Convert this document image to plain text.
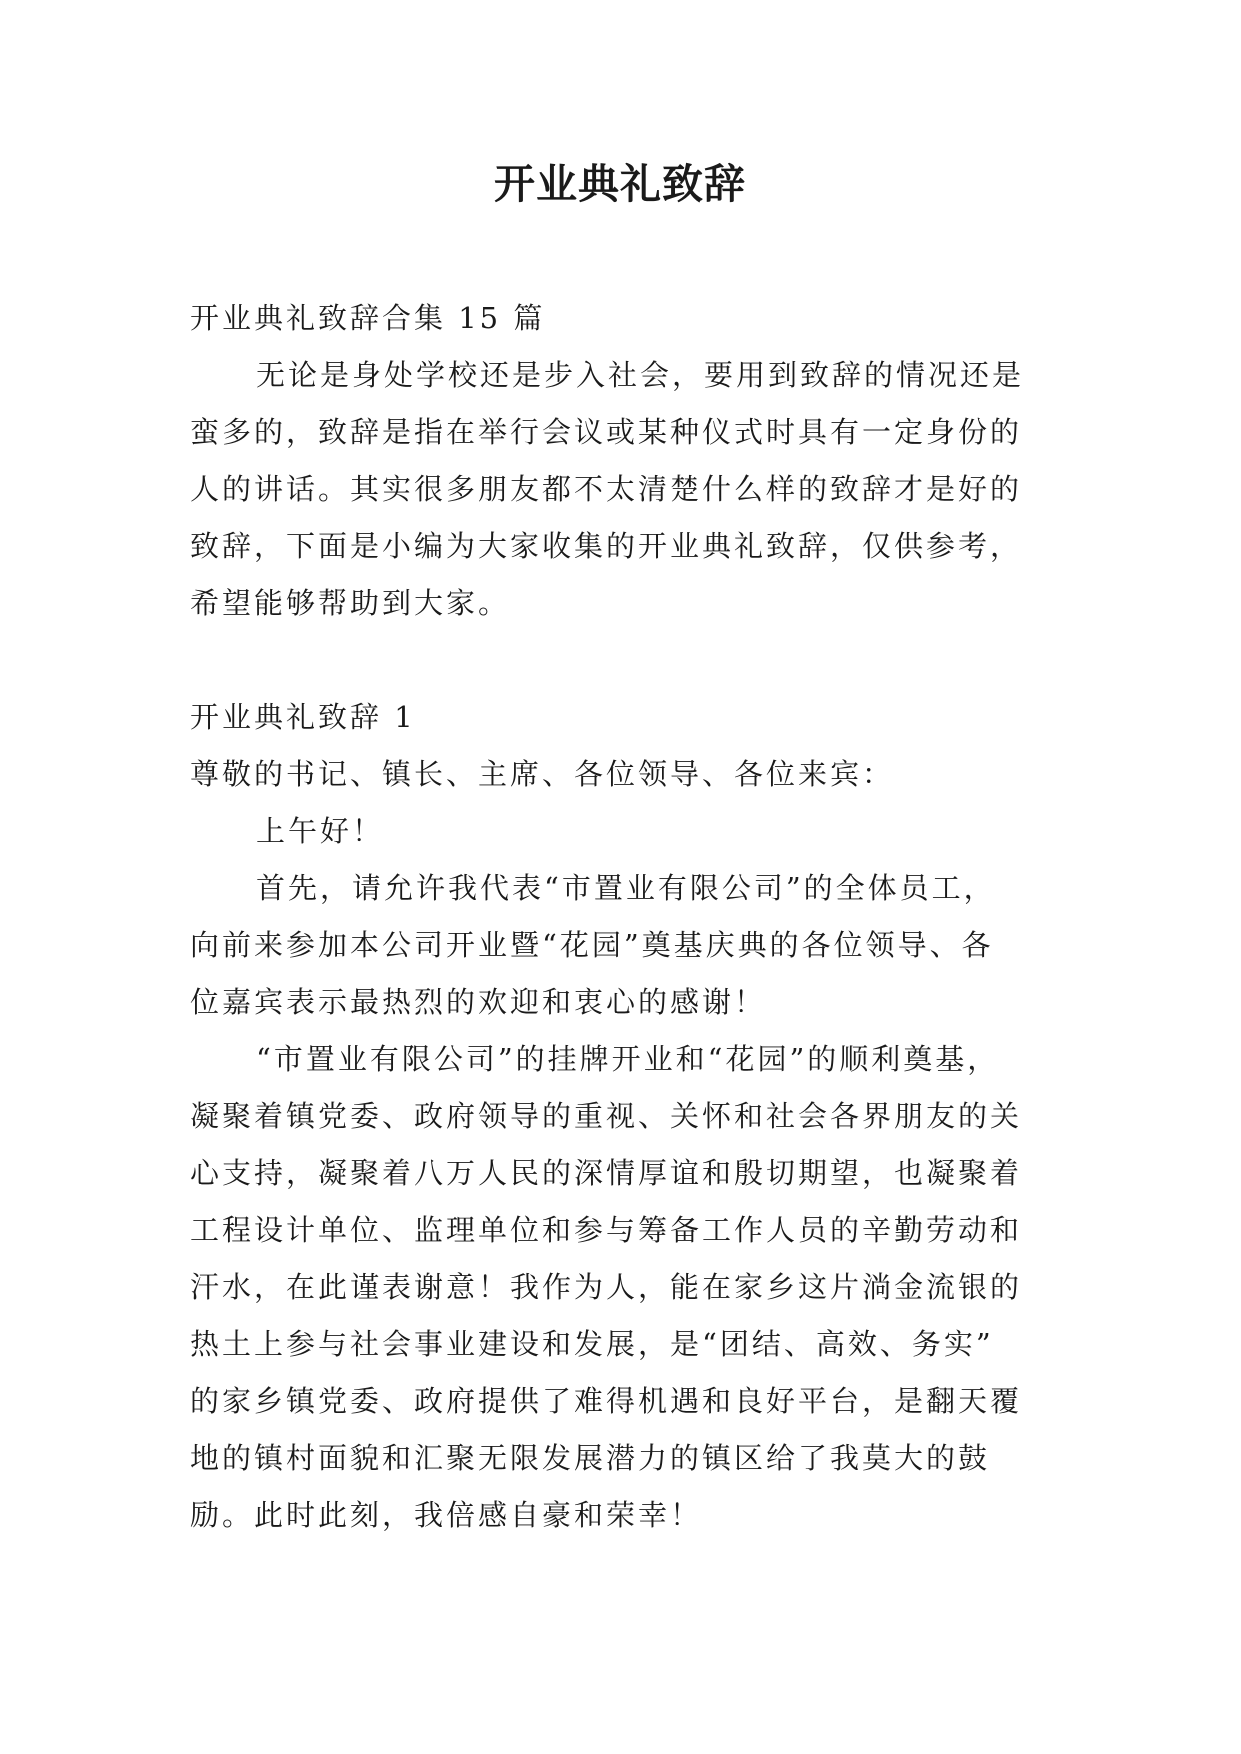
开业典礼致辞
开业典礼致辞合集 15 篇
无论是身处学校还是步入社会，要用到致辞的情况还是
蛮多的，致辞是指在举行会议或某种仪式时具有一定身份的
人的讲话。其实很多朋友都不太清楚什么样的致辞才是好的
致辞，下面是小编为大家收集的开业典礼致辞，仅供参考，
希望能够帮助到大家。
开业典礼致辞 1
尊敬的书记、镇长、主席、各位领导、各位来宾：
上午好！
首先，请允许我代表“市置业有限公司”的全体员工，
向前来参加本公司开业暨“花园”奠基庆典的各位领导、各
位嘉宾表示最热烈的欢迎和衷心的感谢！
“市置业有限公司”的挂牌开业和“花园”的顺利奠基，
凝聚着镇党委、政府领导的重视、关怀和社会各界朋友的关
心支持，凝聚着八万人民的深情厚谊和殷切期望，也凝聚着
工程设计单位、监理单位和参与筹备工作人员的辛勤劳动和
汗水，在此谨表谢意！我作为人，能在家乡这片淌金流银的
热土上参与社会事业建设和发展，是“团结、高效、务实”
的家乡镇党委、政府提供了难得机遇和良好平台，是翻天覆
地的镇村面貌和汇聚无限发展潜力的镇区给了我莫大的鼓
励。此时此刻，我倍感自豪和荣幸！
